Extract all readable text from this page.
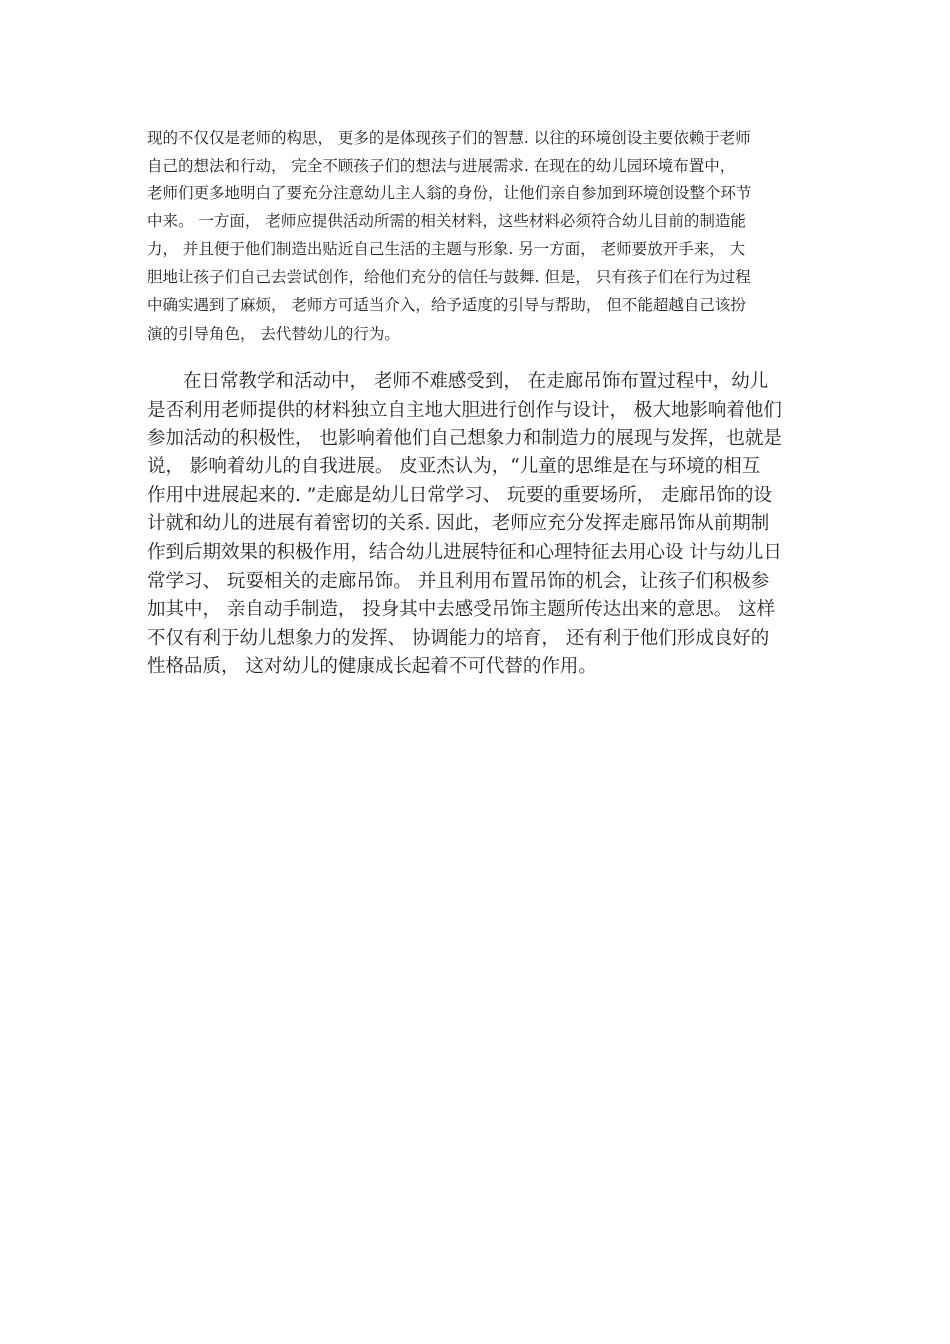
现的不仅仅是老师的构思， 更多的是体现孩子们的智慧. 以往的环境创设主要依赖于老师
自己的想法和行动， 完全不顾孩子们的想法与进展需求. 在现在的幼儿园环境布置中，
老师们更多地明白了要充分注意幼儿主人翁的身份，让他们亲自参加到环境创设整个环节
中来。 一方面， 老师应提供活动所需的相关材料，这些材料必须符合幼儿目前的制造能
力， 并且便于他们制造出贴近自己生活的主题与形象. 另一方面， 老师要放开手来， 大
胆地让孩子们自己去尝试创作，给他们充分的信任与鼓舞. 但是， 只有孩子们在行为过程
中确实遇到了麻烦， 老师方可适当介入，给予适度的引导与帮助， 但不能超越自己该扮
演的引导角色， 去代替幼儿的行为。
在日常教学和活动中， 老师不难感受到， 在走廊吊饰布置过程中，幼儿
是否利用老师提供的材料独立自主地大胆进行创作与设计， 极大地影响着他们
参加活动的积极性， 也影响着他们自己想象力和制造力的展现与发挥，也就是
说， 影响着幼儿的自我进展。 皮亚杰认为，“儿童的思维是在与环境的相互
作用中进展起来的. ”走廊是幼儿日常学习、 玩要的重要场所， 走廊吊饰的设
计就和幼儿的进展有着密切的关系. 因此，老师应充分发挥走廊吊饰从前期制
作到后期效果的积极作用，结合幼儿进展特征和心理特征去用心设 计与幼儿日
常学习、 玩耍相关的走廊吊饰。 并且利用布置吊饰的机会，让孩子们积极参
加其中， 亲自动手制造， 投身其中去感受吊饰主题所传达出来的意思。 这样
不仅有利于幼儿想象力的发挥、 协调能力的培育， 还有利于他们形成良好的
性格品质， 这对幼儿的健康成长起着不可代替的作用。
